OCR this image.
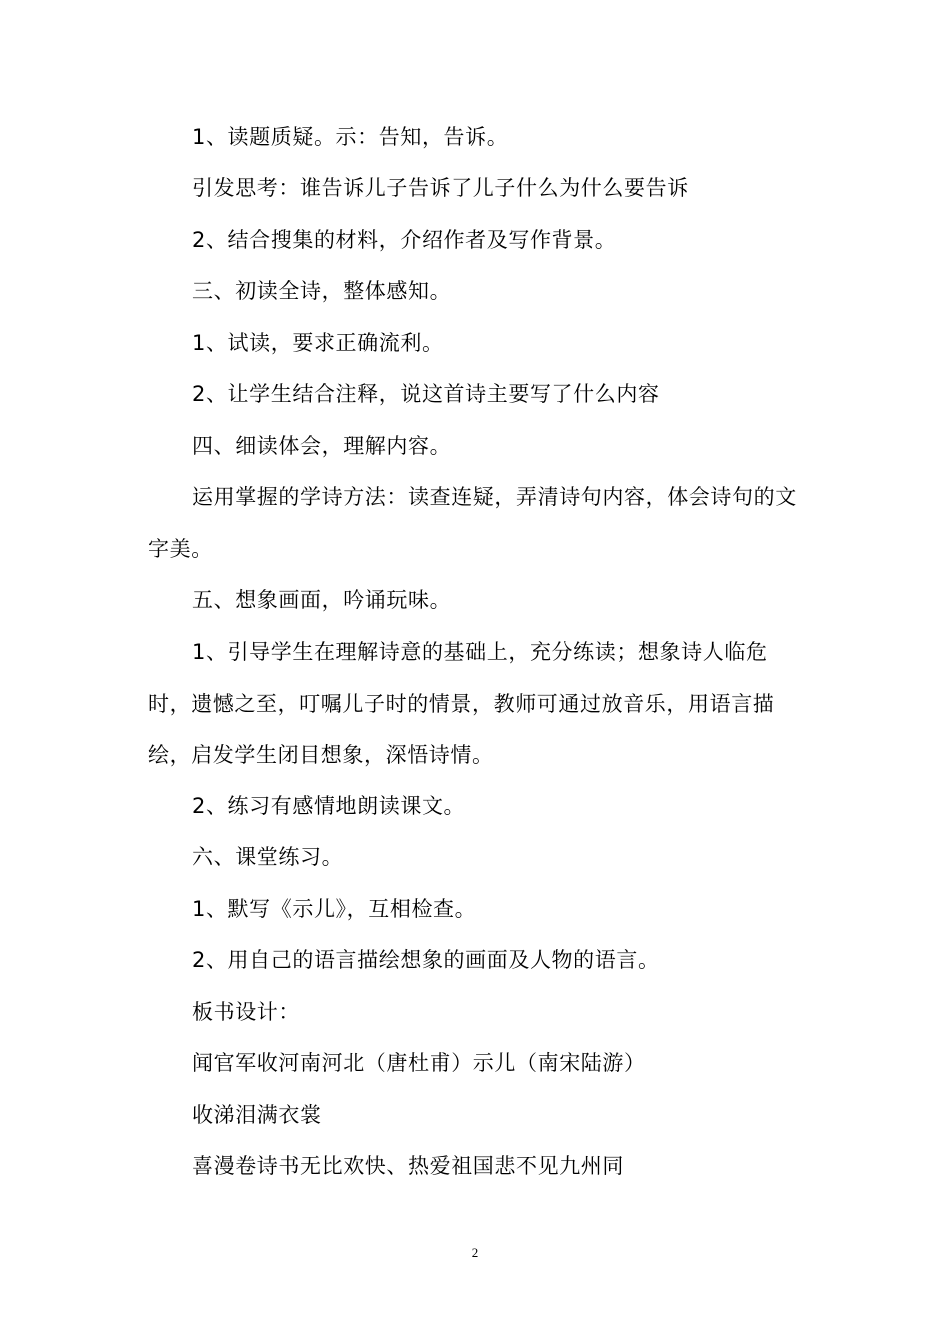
1、读题质疑。示：告知，告诉。

引发思考：谁告诉儿子告诉了儿子什么为什么要告诉

2、结合搜集的材料，介绍作者及写作背景。

三、初读全诗，整体感知。

1、试读，要求正确流利。

2、让学生结合注释，说这首诗主要写了什么内容

四、细读体会，理解内容。

运用掌握的学诗方法：读查连疑，弄清诗句内容，体会诗句的文字美。

五、想象画面，吟诵玩味。

1、引导学生在理解诗意的基础上，充分练读；想象诗人临危时，遗憾之至，叮嘱儿子时的情景，教师可通过放音乐，用语言描绘，启发学生闭目想象，深悟诗情。

2、练习有感情地朗读课文。

六、课堂练习。

1、默写《示儿》，互相检查。

2、用自己的语言描绘想象的画面及人物的语言。

板书设计：

闻官军收河南河北（唐杜甫）示儿（南宋陆游）

收涕泪满衣裳

喜漫卷诗书无比欢快、热爱祖国悲不见九州同

2
